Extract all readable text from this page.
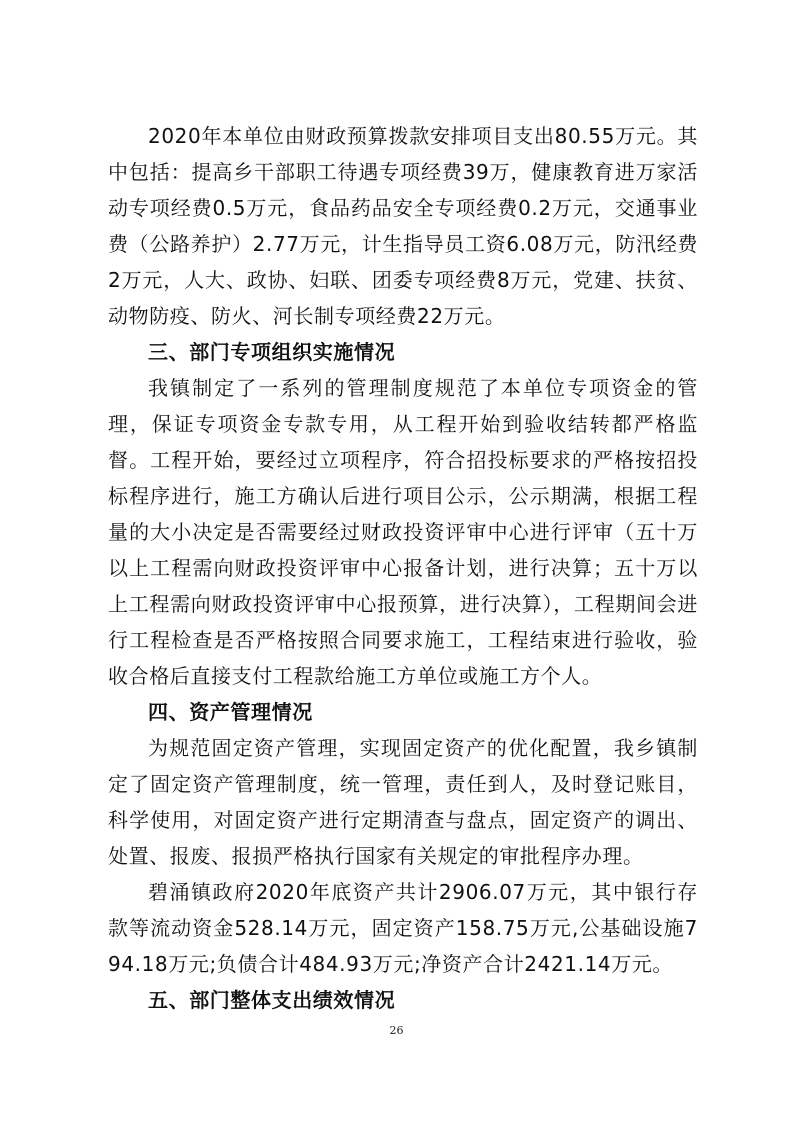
2020年本单位由财政预算拨款安排项目支出80.55万元。其中包括：提高乡干部职工待遇专项经费39万，健康教育进万家活动专项经费0.5万元，食品药品安全专项经费0.2万元，交通事业费（公路养护）2.77万元，计生指导员工资6.08万元，防汛经费2万元，人大、政协、妇联、团委专项经费8万元，党建、扶贫、动物防疫、防火、河长制专项经费22万元。

三、部门专项组织实施情况

我镇制定了一系列的管理制度规范了本单位专项资金的管理，保证专项资金专款专用，从工程开始到验收结转都严格监督。工程开始，要经过立项程序，符合招投标要求的严格按招投标程序进行，施工方确认后进行项目公示，公示期满，根据工程量的大小决定是否需要经过财政投资评审中心进行评审（五十万以上工程需向财政投资评审中心报备计划，进行决算；五十万以上工程需向财政投资评审中心报预算，进行决算），工程期间会进行工程检查是否严格按照合同要求施工，工程结束进行验收，验收合格后直接支付工程款给施工方单位或施工方个人。

四、资产管理情况

为规范固定资产管理，实现固定资产的优化配置，我乡镇制定了固定资产管理制度，统一管理，责任到人，及时登记账目，科学使用，对固定资产进行定期清查与盘点，固定资产的调出、处置、报废、报损严格执行国家有关规定的审批程序办理。

碧涌镇政府2020年底资产共计2906.07万元，其中银行存款等流动资金528.14万元，固定资产158.75万元,公基础设施794.18万元;负债合计484.93万元;净资产合计2421.14万元。

五、部门整体支出绩效情况

26
